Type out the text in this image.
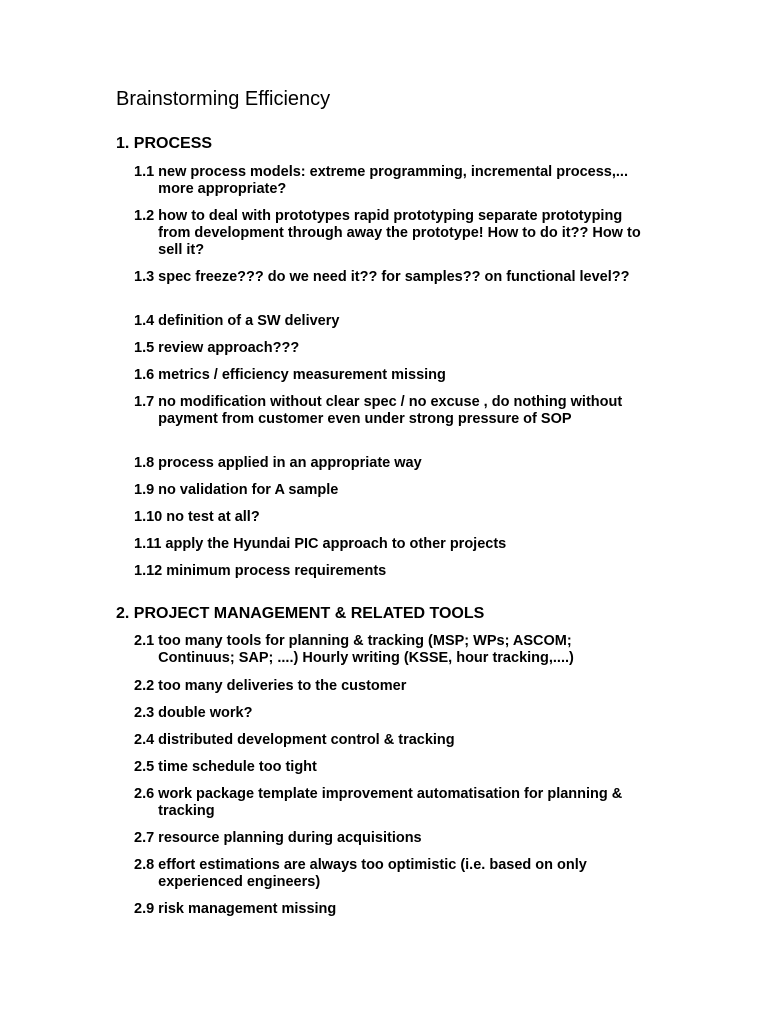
Brainstorming Efficiency
1. PROCESS
1.1 new process models: extreme programming, incremental process,... more appropriate?
1.2 how to deal with prototypes rapid prototyping separate prototyping from development through away the prototype! How to do it?? How to sell it?
1.3 spec freeze??? do we need it?? for samples?? on functional level??
1.4 definition of a SW delivery
1.5 review approach???
1.6 metrics / efficiency measurement missing
1.7 no modification without clear spec / no excuse , do nothing without payment from customer even under strong pressure of SOP
1.8 process applied in an appropriate way
1.9 no validation for A sample
1.10 no test at all?
1.11 apply the Hyundai PIC approach to other projects
1.12 minimum process requirements
2. PROJECT MANAGEMENT & RELATED TOOLS
2.1 too many tools for planning & tracking (MSP; WPs; ASCOM; Continuus; SAP; ....) Hourly writing (KSSE, hour tracking,....)
2.2 too many deliveries to the customer
2.3 double work?
2.4 distributed development control & tracking
2.5 time schedule too tight
2.6 work package template improvement automatisation for planning & tracking
2.7 resource planning during acquisitions
2.8 effort estimations are always too optimistic (i.e. based on only experienced engineers)
2.9 risk management missing
